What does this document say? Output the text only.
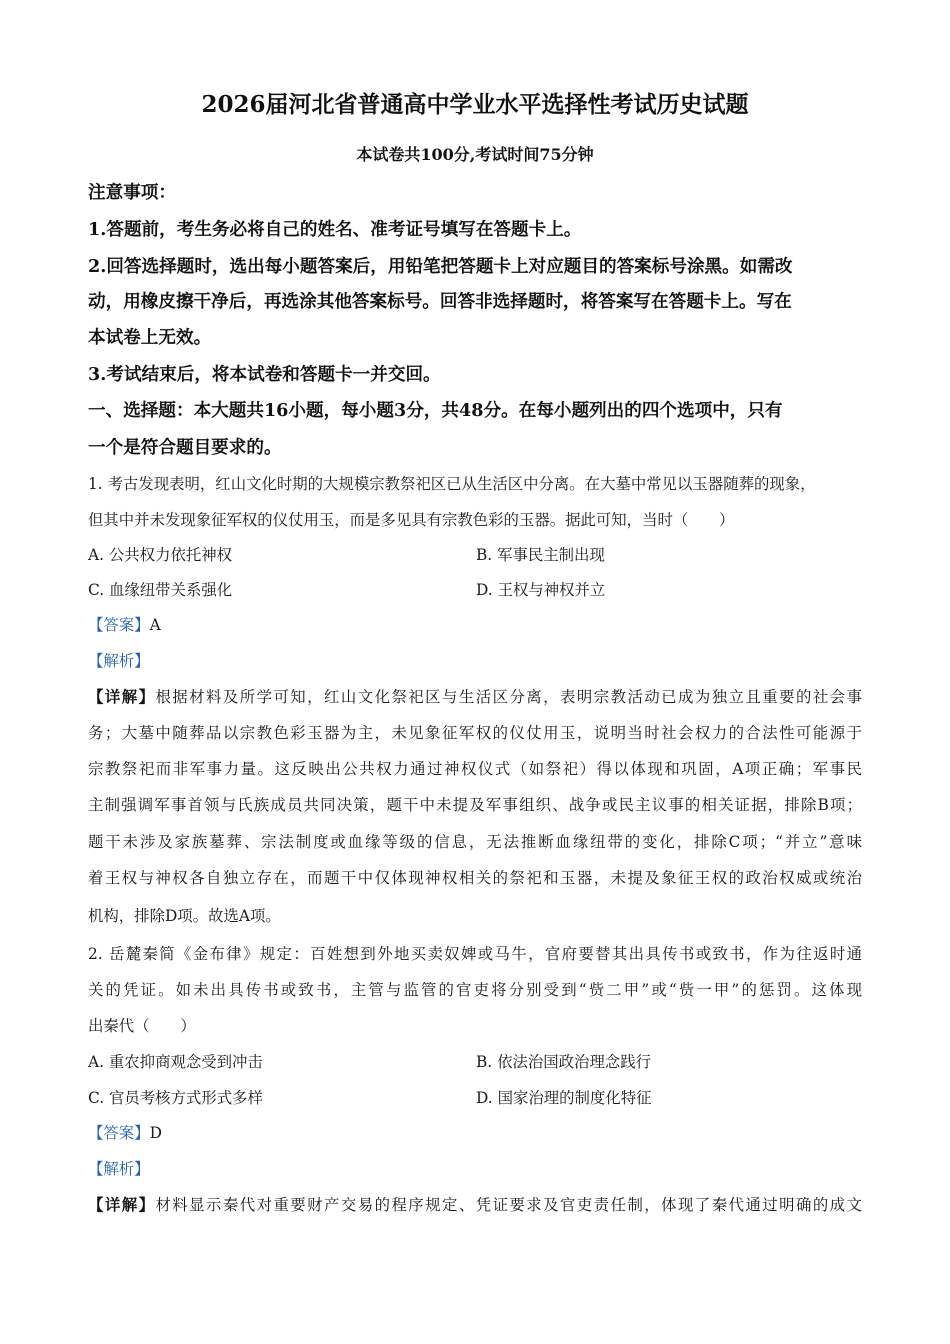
2026届河北省普通高中学业水平选择性考试历史试题
本试卷共100分,考试时间75分钟
注意事项：
1.答题前，考生务必将自己的姓名、准考证号填写在答题卡上。
2.回答选择题时，选出每小题答案后，用铅笔把答题卡上对应题目的答案标号涂黑。如需改
动，用橡皮擦干净后，再选涂其他答案标号。回答非选择题时，将答案写在答题卡上。写在
本试卷上无效。
3.考试结束后，将本试卷和答题卡一并交回。
一、选择题：本大题共16小题，每小题3分，共48分。在每小题列出的四个选项中，只有
一个是符合题目要求的。
1. 考古发现表明，红山文化时期的大规模宗教祭祀区已从生活区中分离。在大墓中常见以玉器随葬的现象，
但其中并未发现象征军权的仪仗用玉，而是多见具有宗教色彩的玉器。据此可知，当时（　　）
A. 公共权力依托神权	B. 军事民主制出现
C. 血缘纽带关系强化	D. 王权与神权并立
【答案】A
【解析】
【详解】根据材料及所学可知，红山文化祭祀区与生活区分离，表明宗教活动已成为独立且重要的社会事
务；大墓中随葬品以宗教色彩玉器为主，未见象征军权的仪仗用玉，说明当时社会权力的合法性可能源于
宗教祭祀而非军事力量。这反映出公共权力通过神权仪式（如祭祀）得以体现和巩固，A项正确；军事民
主制强调军事首领与氏族成员共同决策，题干中未提及军事组织、战争或民主议事的相关证据，排除B项；
题干未涉及家族墓葬、宗法制度或血缘等级的信息，无法推断血缘纽带的变化，排除C项；“并立”意味
着王权与神权各自独立存在，而题干中仅体现神权相关的祭祀和玉器，未提及象征王权的政治权威或统治
机构，排除D项。故选A项。
2. 岳麓秦简《金布律》规定：百姓想到外地买卖奴婢或马牛，官府要替其出具传书或致书，作为往返时通
关的凭证。如未出具传书或致书，主管与监管的官吏将分别受到“赀二甲”或“赀一甲”的惩罚。这体现
出秦代（　　）
A. 重农抑商观念受到冲击	B. 依法治国政治理念践行
C. 官员考核方式形式多样	D. 国家治理的制度化特征
【答案】D
【解析】
【详解】材料显示秦代对重要财产交易的程序规定、凭证要求及官吏责任制，体现了秦代通过明确的成文
